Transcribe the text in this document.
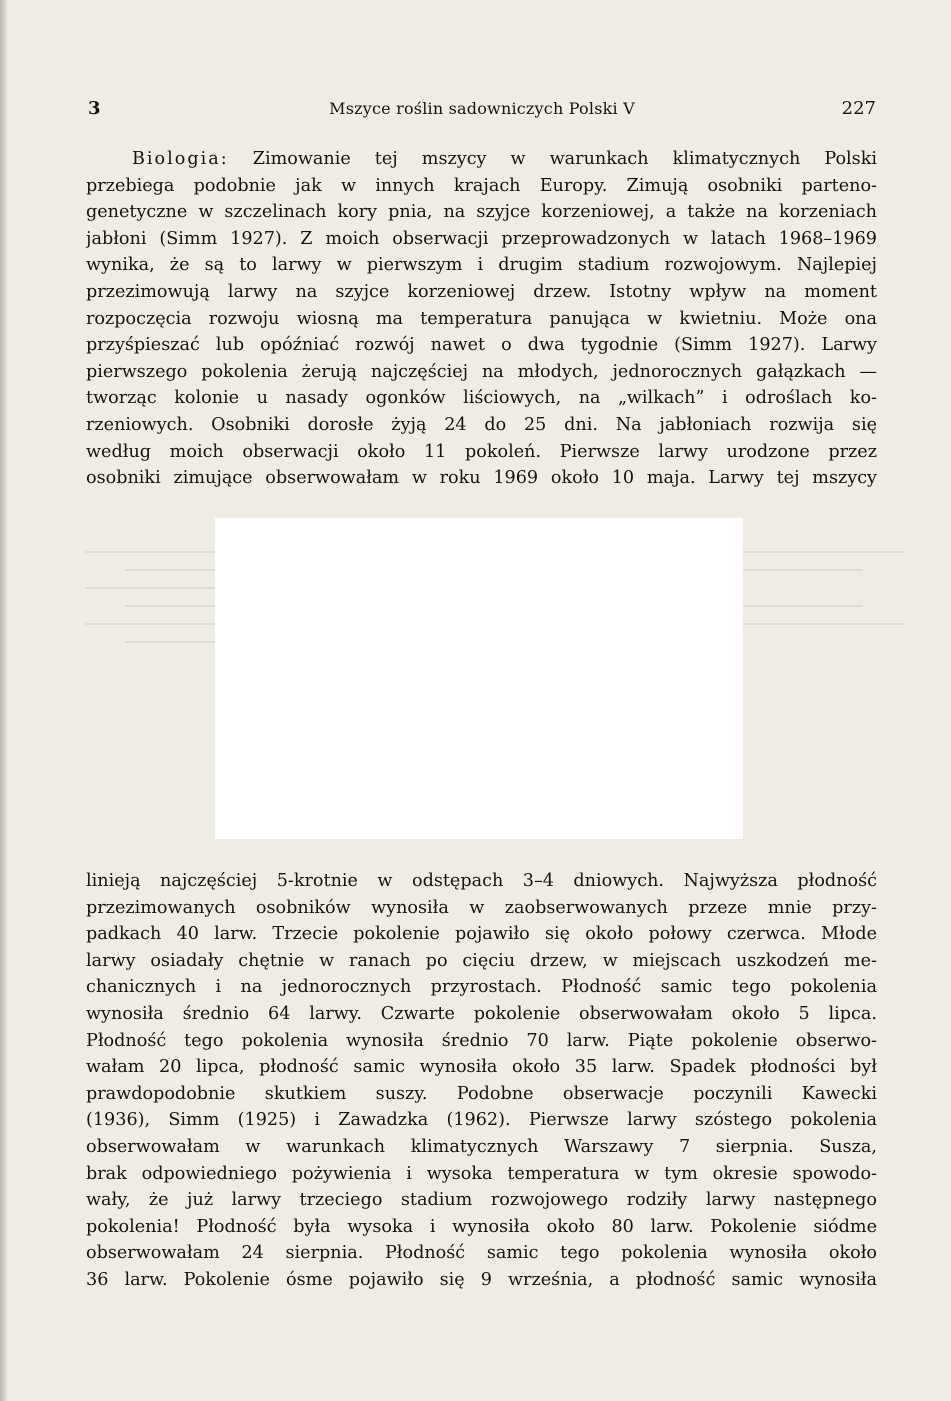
3	Mszyce roślin sadowniczych Polski V	227
Biologia: Zimowanie tej mszycy w warunkach klimatycznych Polski
przebiega podobnie jak w innych krajach Europy. Zimują osobniki parteno-
genetyczne w szczelinach kory pnia, na szyjce korzeniowej, a także na korzeniach
jabłoni (Simm 1927). Z moich obserwacji przeprowadzonych w latach 1968–1969
wynika, że są to larwy w pierwszym i drugim stadium rozwojowym. Najlepiej
przezimowują larwy na szyjce korzeniowej drzew. Istotny wpływ na moment
rozpoczęcia rozwoju wiosną ma temperatura panująca w kwietniu. Może ona
przyśpieszać lub opóźniać rozwój nawet o dwa tygodnie (Simm 1927). Larwy
pierwszego pokolenia żerują najczęściej na młodych, jednorocznych gałązkach —
tworząc kolonie u nasady ogonków liściowych, na „wilkach” i odroślach ko-
rzeniowych. Osobniki dorosłe żyją 24 do 25 dni. Na jabłoniach rozwija się
według moich obserwacji około 11 pokoleń. Pierwsze larwy urodzone przez
osobniki zimujące obserwowałam w roku 1969 około 10 maja. Larwy tej mszycy
linieją najczęściej 5-krotnie w odstępach 3–4 dniowych. Najwyższa płodność
przezimowanych osobników wynosiła w zaobserwowanych przeze mnie przy-
padkach 40 larw. Trzecie pokolenie pojawiło się około połowy czerwca. Młode
larwy osiadały chętnie w ranach po cięciu drzew, w miejscach uszkodzeń me-
chanicznych i na jednorocznych przyrostach. Płodność samic tego pokolenia
wynosiła średnio 64 larwy. Czwarte pokolenie obserwowałam około 5 lipca.
Płodność tego pokolenia wynosiła średnio 70 larw. Piąte pokolenie obserwo-
wałam 20 lipca, płodność samic wynosiła około 35 larw. Spadek płodności był
prawdopodobnie skutkiem suszy. Podobne obserwacje poczynili Kawecki
(1936), Simm (1925) i Zawadzka (1962). Pierwsze larwy szóstego pokolenia
obserwowałam w warunkach klimatycznych Warszawy 7 sierpnia. Susza,
brak odpowiedniego pożywienia i wysoka temperatura w tym okresie spowodo-
wały, że już larwy trzeciego stadium rozwojowego rodziły larwy następnego
pokolenia! Płodność była wysoka i wynosiła około 80 larw. Pokolenie siódme
obserwowałam 24 sierpnia. Płodność samic tego pokolenia wynosiła około
36 larw. Pokolenie ósme pojawiło się 9 września, a płodność samic wynosiła
